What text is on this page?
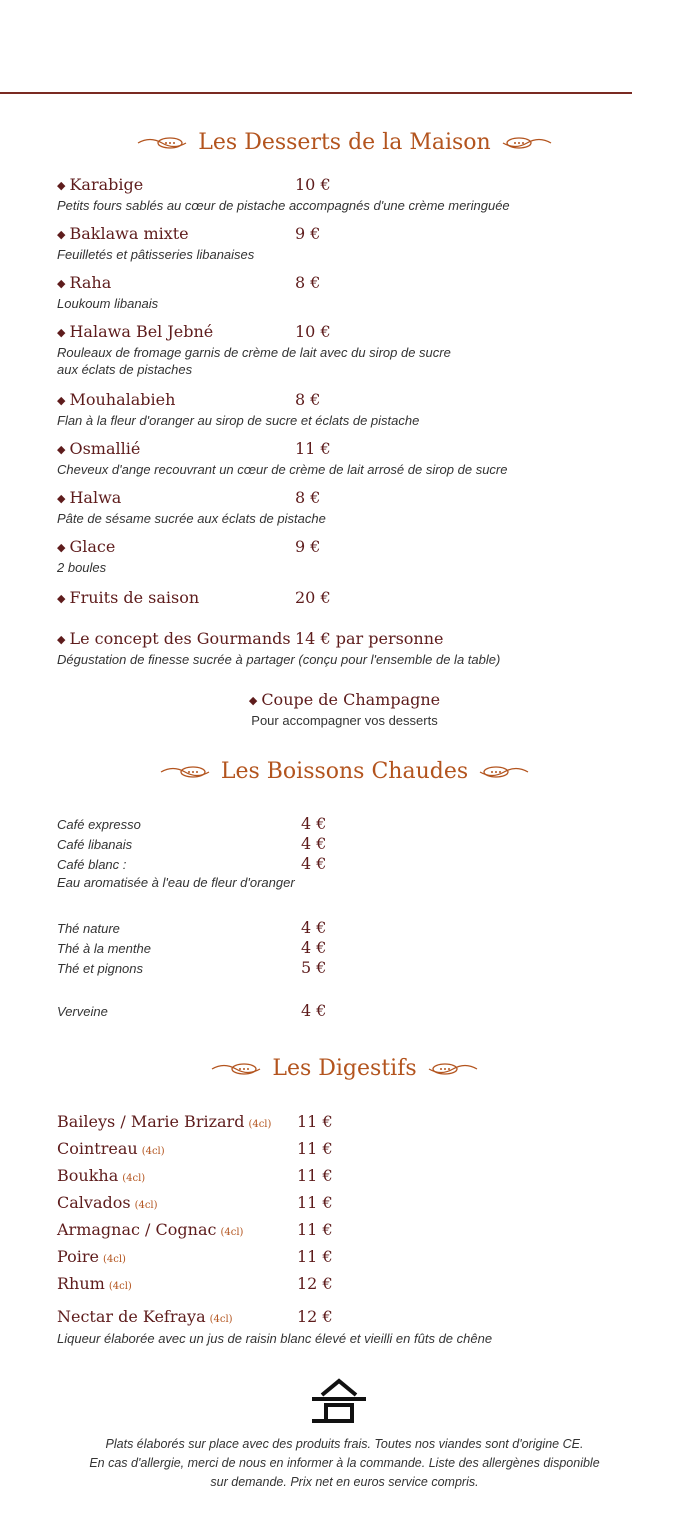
Les Desserts de la Maison
◆ Karabige	10 €
Petits fours sablés au cœur de pistache accompagnés d'une crème meringuée
◆ Baklawa mixte	9 €
Feuilletés et pâtisseries libanaises
◆ Raha	8 €
Loukoum libanais
◆ Halawa Bel Jebné	10 €
Rouleaux de fromage garnis de crème de lait avec du sirop de sucre
aux éclats de pistaches
◆ Mouhalabieh	8 €
Flan à la fleur d'oranger au sirop de sucre et éclats de pistache
◆ Osmallié	11 €
Cheveux d'ange recouvrant un cœur de crème de lait arrosé de sirop de sucre
◆ Halwa	8 €
Pâte de sésame sucrée aux éclats de pistache
◆ Glace	9 €
2 boules
◆ Fruits de saison	20 €
◆ Le concept des Gourmands 14 € par personne
Dégustation de finesse sucrée à partager (conçu pour l'ensemble de la table)
◆ Coupe de Champagne
Pour accompagner vos desserts
Les Boissons Chaudes
Café expresso	4 €
Café libanais	4 €
Café blanc :	4 €
Eau aromatisée à l'eau de fleur d'oranger
Thé nature	4 €
Thé à la menthe	4 €
Thé et pignons	5 €
Verveine	4 €
Les Digestifs
Baileys / Marie Brizard (4cl) 11 €
Cointreau (4cl)	11 €
Boukha (4cl)	11 €
Calvados (4cl)	11 €
Armagnac / Cognac (4cl)	11 €
Poire (4cl)	11 €
Rhum (4cl)	12 €
Nectar de Kefraya (4cl)	12 €
Liqueur élaborée avec un jus de raisin blanc élevé et vieilli en fûts de chêne
Plats élaborés sur place avec des produits frais. Toutes nos viandes sont d'origine CE.
En cas d'allergie, merci de nous en informer à la commande. Liste des allergènes disponible
sur demande. Prix net en euros service compris.
